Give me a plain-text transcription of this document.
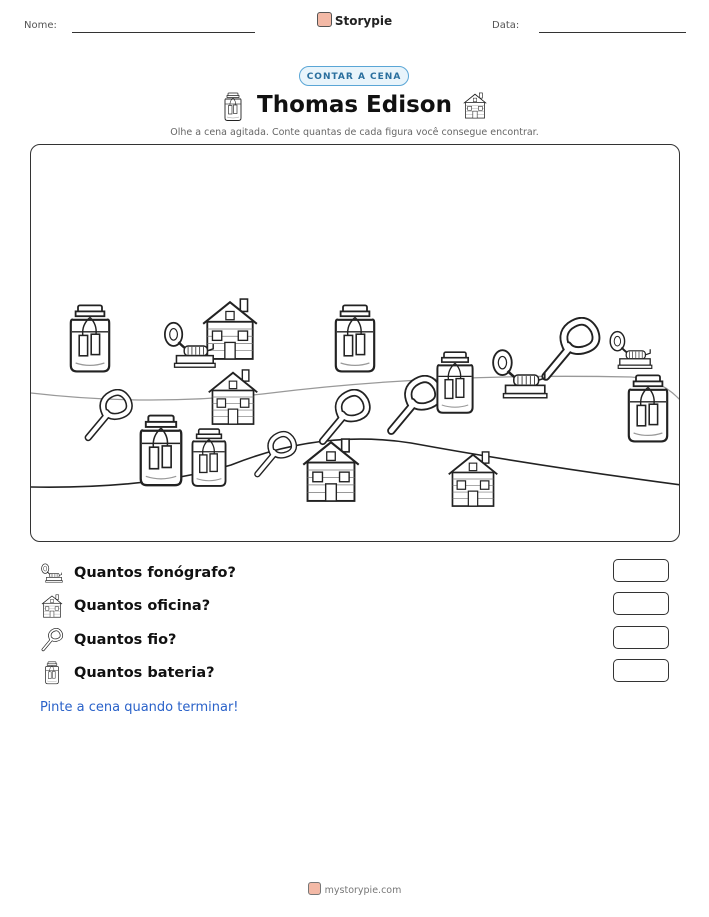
Nome:	Storypie	Data:
CONTAR A CENA
Thomas Edison
Olhe a cena agitada. Conte quantas de cada figura você consegue encontrar.
Quantos fonógrafo?
Quantos oficina?
Quantos fio?
Quantos bateria?
Pinte a cena quando terminar!
mystorypie.com
